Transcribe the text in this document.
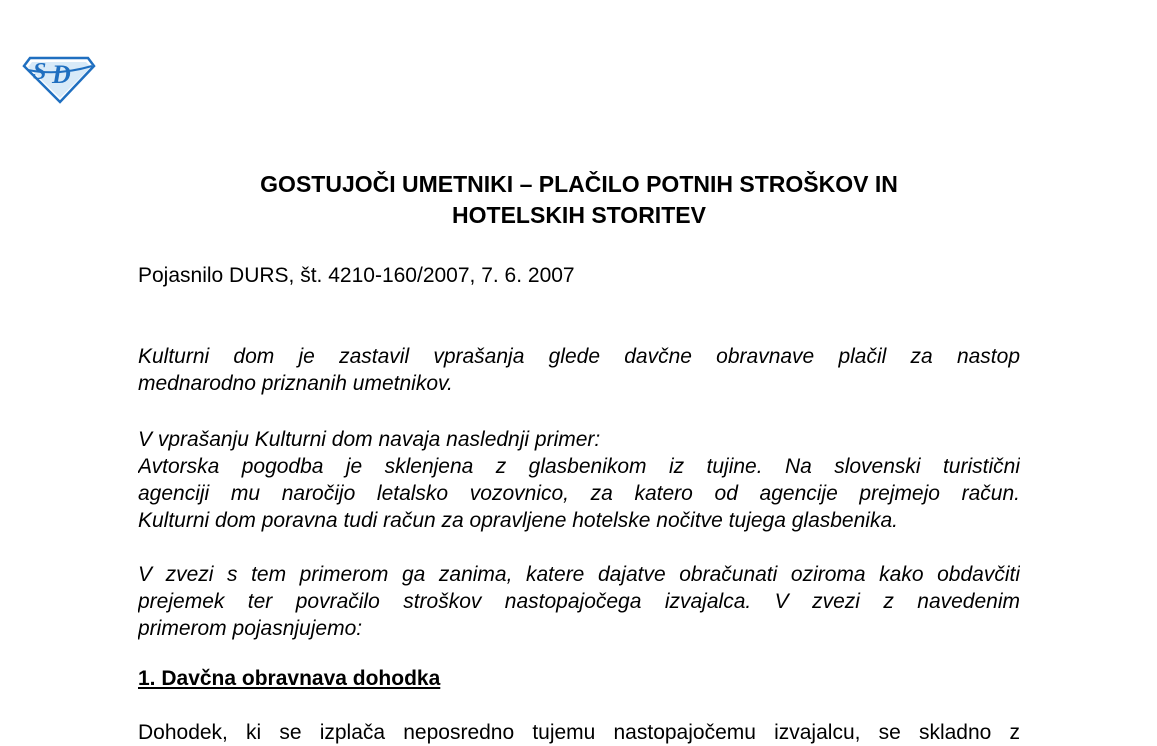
S D
GOSTUJOČI UMETNIKI – PLAČILO POTNIH STROŠKOV IN
HOTELSKIH STORITEV

Pojasnilo DURS, št. 4210-160/2007, 7. 6. 2007

Kulturni dom je zastavil vprašanja glede davčne obravnave plačil za nastop
mednarodno priznanih umetnikov.
V vprašanju Kulturni dom navaja naslednji primer:
Avtorska pogodba je sklenjena z glasbenikom iz tujine. Na slovenski turistični
agenciji mu naročijo letalsko vozovnico, za katero od agencije prejmejo račun.
Kulturni dom poravna tudi račun za opravljene hotelske nočitve tujega glasbenika.
V zvezi s tem primerom ga zanima, katere dajatve obračunati oziroma kako obdavčiti
prejemek ter povračilo stroškov nastopajočega izvajalca. V zvezi z navedenim
primerom pojasnjujemo:

1. Davčna obravnava dohodka

Dohodek, ki se izplača neposredno tujemu nastopajočemu izvajalcu, se skladno z
